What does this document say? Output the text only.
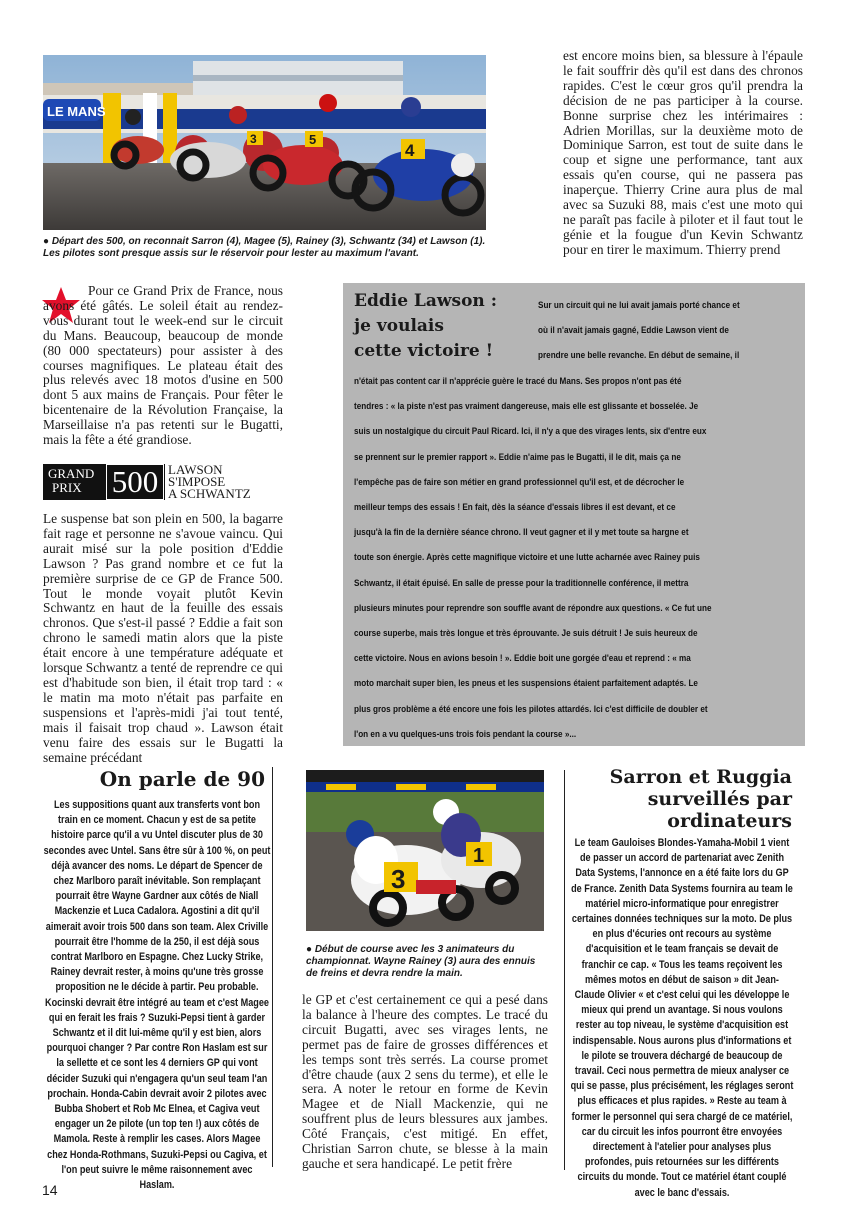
LE MANS
4
5
3

● Départ des 500, on reconnait Sarron (4), Magee (5), Rainey (3), Schwantz (34) et Lawson (1). Les pilotes sont presque assis sur le réservoir pour lester au maximum l'avant.

est encore moins bien, sa blessure à l'épaule le fait souffrir dès qu'il est dans des chronos rapides. C'est le cœur gros qu'il prendra la décision de ne pas participer à la course. Bonne surprise chez les intérimaires : Adrien Morillas, sur la deuxième moto de Dominique Sarron, est tout de suite dans le coup et signe une performance, tant aux essais qu'en course, qui ne passera pas inaperçue. Thierry Crine aura plus de mal avec sa Suzuki 88, mais c'est une moto qui ne paraît pas facile à piloter et il faut tout le génie et la fougue d'un Kevin Schwantz pour en tirer le maximum. Thierry prend

Pour ce Grand Prix de France, nous avons été gâtés. Le soleil était au rendez-vous durant tout le week-end sur le circuit du Mans. Beaucoup, beaucoup de monde (80 000 spectateurs) pour assister à des courses magnifiques. Le plateau était des plus relevés avec 18 motos d'usine en 500 dont 5 aux mains de Français. Pour fêter le bicentenaire de la Révolution Française, la Marseillaise n'a pas retenti sur le Bugatti, mais la fête a été grandiose.

GRAND
PRIX 500 LAWSON
S'IMPOSE
A SCHWANTZ

Le suspense bat son plein en 500, la bagarre fait rage et personne ne s'avoue vaincu. Qui aurait misé sur la pole position d'Eddie Lawson ? Pas grand nombre et ce fut la première surprise de ce GP de France 500. Tout le monde voyait plutôt Kevin Schwantz en haut de la feuille des essais chronos. Que s'est-il passé ? Eddie a fait son chrono le samedi matin alors que la piste était encore à une température adéquate et lorsque Schwantz a tenté de reprendre ce qui est d'habitude son bien, il était trop tard : « le matin ma moto n'était pas parfaite en suspensions et l'après-midi j'ai tout tenté, mais il faisait trop chaud ». Lawson était venu faire des essais sur le Bugatti la semaine précédant

Eddie Lawson :
je voulais
cette victoire !

Sur un circuit qui ne lui avait jamais porté chance et

où il n'avait jamais gagné, Eddie Lawson vient de

prendre une belle revanche. En début de semaine, il

n'était pas content car il n'apprécie guère le tracé du Mans. Ses propos n'ont pas été

tendres : « la piste n'est pas vraiment dangereuse, mais elle est glissante et bosselée. Je

suis un nostalgique du circuit Paul Ricard. Ici, il n'y a que des virages lents, six d'entre eux

se prennent sur le premier rapport ». Eddie n'aime pas le Bugatti, il le dit, mais ça ne

l'empêche pas de faire son métier en grand professionnel qu'il est, et de décrocher le

meilleur temps des essais ! En fait, dès la séance d'essais libres il est devant, et ce

jusqu'à la fin de la dernière séance chrono. Il veut gagner et il y met toute sa hargne et

toute son énergie. Après cette magnifique victoire et une lutte acharnée avec Rainey puis

Schwantz, il était épuisé. En salle de presse pour la traditionnelle conférence, il mettra

plusieurs minutes pour reprendre son souffle avant de répondre aux questions. « Ce fut une

course superbe, mais très longue et très éprouvante. Je suis détruit ! Je suis heureux de

cette victoire. Nous en avions besoin ! ». Eddie boit une gorgée d'eau et reprend : « ma

moto marchait super bien, les pneus et les suspensions étaient parfaitement adaptés. Le

plus gros problème a été encore une fois les pilotes attardés. Ici c'est difficile de doubler et

l'on en a vu quelques-uns trois fois pendant la course »...

On parle de 90

Les suppositions quant aux transferts vont bon train en ce moment. Chacun y est de sa petite histoire parce qu'il a vu Untel discuter plus de 30 secondes avec Untel. Sans être sûr à 100 %, on peut déjà avancer des noms. Le départ de Spencer de chez Marlboro paraît inévitable. Son remplaçant pourrait être Wayne Gardner aux côtés de Niall Mackenzie et Luca Cadalora. Agostini a dit qu'il aimerait avoir trois 500 dans son team. Alex Criville pourrait être l'homme de la 250, il est déjà sous contrat Marlboro en Espagne. Chez Lucky Strike, Rainey devrait rester, à moins qu'une très grosse proposition ne le décide à partir. Peu probable. Kocinski devrait être intégré au team et c'est Magee qui en ferait les frais ? Suzuki-Pepsi tient à garder Schwantz et il dit lui-même qu'il y est bien, alors pourquoi changer ? Par contre Ron Haslam est sur la sellette et ce sont les 4 derniers GP qui vont décider Suzuki qui n'engagera qu'un seul team l'an prochain. Honda-Cabin devrait avoir 2 pilotes avec Bubba Shobert et Rob Mc Elnea, et Cagiva veut engager un 2e pilote (un top ten !) aux côtés de Mamola. Reste à remplir les cases. Alors Magee chez Honda-Rothmans, Suzuki-Pepsi ou Cagiva, et l'on peut suivre le même raisonnement avec Haslam.

3
1

● Début de course avec les 3 animateurs du championnat. Wayne Rainey (3) aura des ennuis de freins et devra rendre la main.

le GP et c'est certainement ce qui a pesé dans la balance à l'heure des comptes. Le tracé du circuit Bugatti, avec ses virages lents, ne permet pas de faire de grosses différences et les temps sont très serrés. La course promet d'être chaude (aux 2 sens du terme), et elle le sera. A noter le retour en forme de Kevin Magee et de Niall Mackenzie, qui ne souffrent plus de leurs blessures aux jambes. Côté Français, c'est mitigé. En effet, Christian Sarron chute, se blesse à la main gauche et sera handicapé. Le petit frère

Sarron et Ruggia
surveillés par
ordinateurs

Le team Gauloises Blondes-Yamaha-Mobil 1 vient de passer un accord de partenariat avec Zenith Data Systems, l'annonce en a été faite lors du GP de France. Zenith Data Systems fournira au team le matériel micro-informatique pour enregistrer certaines données techniques sur la moto. De plus en plus d'écuries ont recours au système d'acquisition et le team français se devait de franchir ce cap. « Tous les teams reçoivent les mêmes motos en début de saison » dit Jean-Claude Olivier « et c'est celui qui les développe le mieux qui prend un avantage. Si nous voulons rester au top niveau, le système d'acquisition est indispensable. Nous aurons plus d'informations et le pilote se trouvera déchargé de beaucoup de travail. Ceci nous permettra de mieux analyser ce qui se passe, plus précisément, les réglages seront plus efficaces et plus rapides. » Reste au team à former le personnel qui sera chargé de ce matériel, car du circuit les infos pourront être envoyées directement à l'atelier pour analyses plus profondes, puis retournées sur les différents circuits du monde. Tout ce matériel étant couplé avec le banc d'essais.

14
